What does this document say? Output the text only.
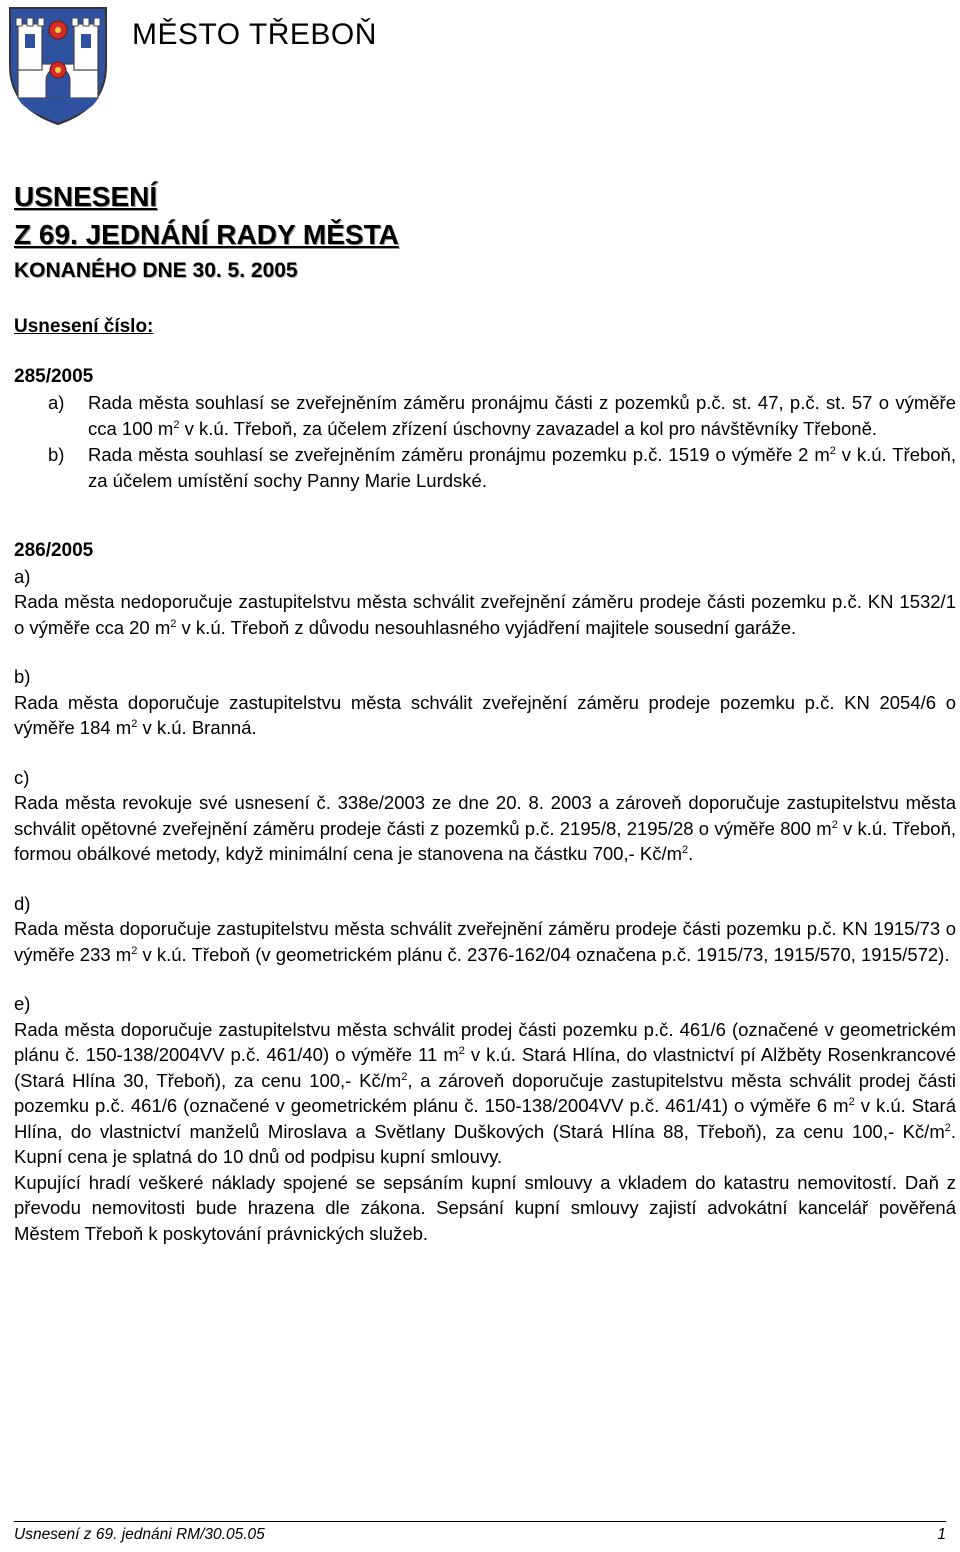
MĚSTO TŘEBOŇ
USNESENÍ
Z 69. JEDNÁNÍ RADY MĚSTA
KONANÉHO DNE 30. 5. 2005
Usnesení číslo:
285/2005
a)	Rada města souhlasí se zveřejněním záměru pronájmu části z pozemků p.č. st. 47, p.č. st. 57 o výměře cca 100 $m^2$ v k.ú. Třeboň, za účelem zřízení úschovny zavazadel a kol pro návštěvníky Třeboně.
b)	Rada města souhlasí se zveřejněním záměru pronájmu pozemku p.č. 1519 o výměře 2 $m^2$ v k.ú. Třeboň, za účelem umístění sochy Panny Marie Lurdské.
286/2005
a)
Rada města nedoporučuje zastupitelstvu města schválit zveřejnění záměru prodeje části pozemku p.č. KN 1532/1 o výměře cca 20 $m^2$ v k.ú. Třeboň z důvodu nesouhlasného vyjádření majitele sousední garáže.
b)
Rada města doporučuje zastupitelstvu města schválit zveřejnění záměru prodeje pozemku p.č. KN 2054/6 o výměře 184 $m^2$ v k.ú. Branná.
c)
Rada města revokuje své usnesení č. 338e/2003 ze dne 20. 8. 2003 a zároveň doporučuje zastupitelstvu města schválit opětovné zveřejnění záměru prodeje části z pozemků p.č. 2195/8, 2195/28 o výměře 800 $m^2$ v k.ú. Třeboň, formou obálkové metody, když minimální cena je stanovena na částku 700,- $Kč/m^2$.
d)
Rada města doporučuje zastupitelstvu města schválit zveřejnění záměru prodeje části pozemku p.č. KN 1915/73 o výměře 233 $m^2$ v k.ú. Třeboň (v geometrickém plánu č. 2376-162/04 označena p.č. 1915/73, 1915/570, 1915/572).
e)
Rada města doporučuje zastupitelstvu města schválit prodej části pozemku p.č. 461/6 (označené v geometrickém plánu č. 150-138/2004VV p.č. 461/40) o výměře 11 $m^2$ v k.ú. Stará Hlína, do vlastnictví pí Alžběty Rosenkrancové (Stará Hlína 30, Třeboň), za cenu 100,- $Kč/m^2$, a zároveň doporučuje zastupitelstvu města schválit prodej části pozemku p.č. 461/6 (označené v geometrickém plánu č. 150-138/2004VV p.č. 461/41) o výměře 6 $m^2$ v k.ú. Stará Hlína, do vlastnictví manželů Miroslava a Světlany Duškových (Stará Hlína 88, Třeboň), za cenu 100,- $Kč/m^2$. Kupní cena je splatná do 10 dnů od podpisu kupní smlouvy.
Kupující hradí veškeré náklady spojené se sepsáním kupní smlouvy a vkladem do katastru nemovitostí. Daň z převodu nemovitosti bude hrazena dle zákona. Sepsání kupní smlouvy zajistí advokátní kancelář pověřená Městem Třeboň k poskytování právnických služeb.
Usnesení z 69. jednáni RM/30.05.05	1
